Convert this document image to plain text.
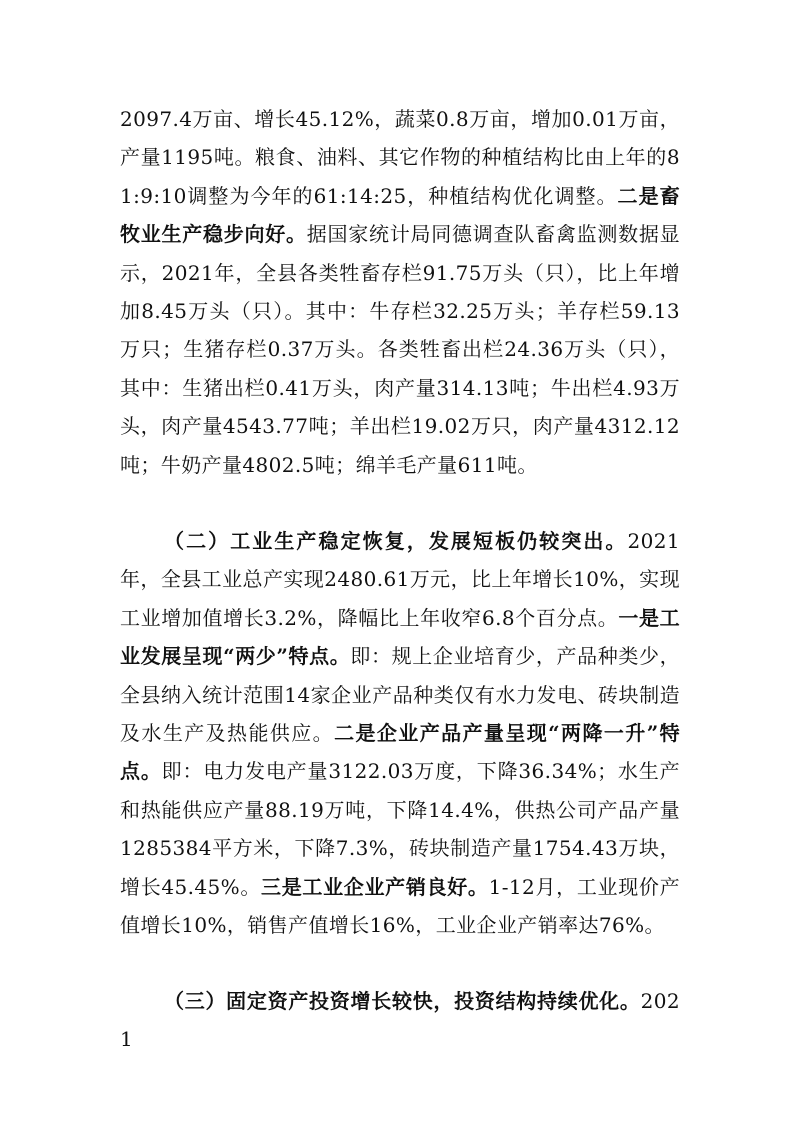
2097.4万亩、增长45.12%，蔬菜0.8万亩，增加0.01万亩，产量1195吨。粮食、油料、其它作物的种植结构比由上年的81:9:10调整为今年的61:14:25，种植结构优化调整。二是畜牧业生产稳步向好。据国家统计局同德调查队畜禽监测数据显示，2021年，全县各类牲畜存栏91.75万头（只），比上年增加8.45万头（只）。其中：牛存栏32.25万头；羊存栏59.13万只；生猪存栏0.37万头。各类牲畜出栏24.36万头（只），其中：生猪出栏0.41万头，肉产量314.13吨；牛出栏4.93万头，肉产量4543.77吨；羊出栏19.02万只，肉产量4312.12吨；牛奶产量4802.5吨；绵羊毛产量611吨。

（二）工业生产稳定恢复，发展短板仍较突出。2021年，全县工业总产实现2480.61万元，比上年增长10%，实现工业增加值增长3.2%，降幅比上年收窄6.8个百分点。一是工业发展呈现“两少”特点。即：规上企业培育少，产品种类少，全县纳入统计范围14家企业产品种类仅有水力发电、砖块制造及水生产及热能供应。二是企业产品产量呈现“两降一升”特点。即：电力发电产量3122.03万度，下降36.34%；水生产和热能供应产量88.19万吨，下降14.4%，供热公司产品产量1285384平方米，下降7.3%，砖块制造产量1754.43万块，增长45.45%。三是工业企业产销良好。1-12月，工业现价产值增长10%，销售产值增长16%，工业企业产销率达76%。

（三）固定资产投资增长较快，投资结构持续优化。2021
